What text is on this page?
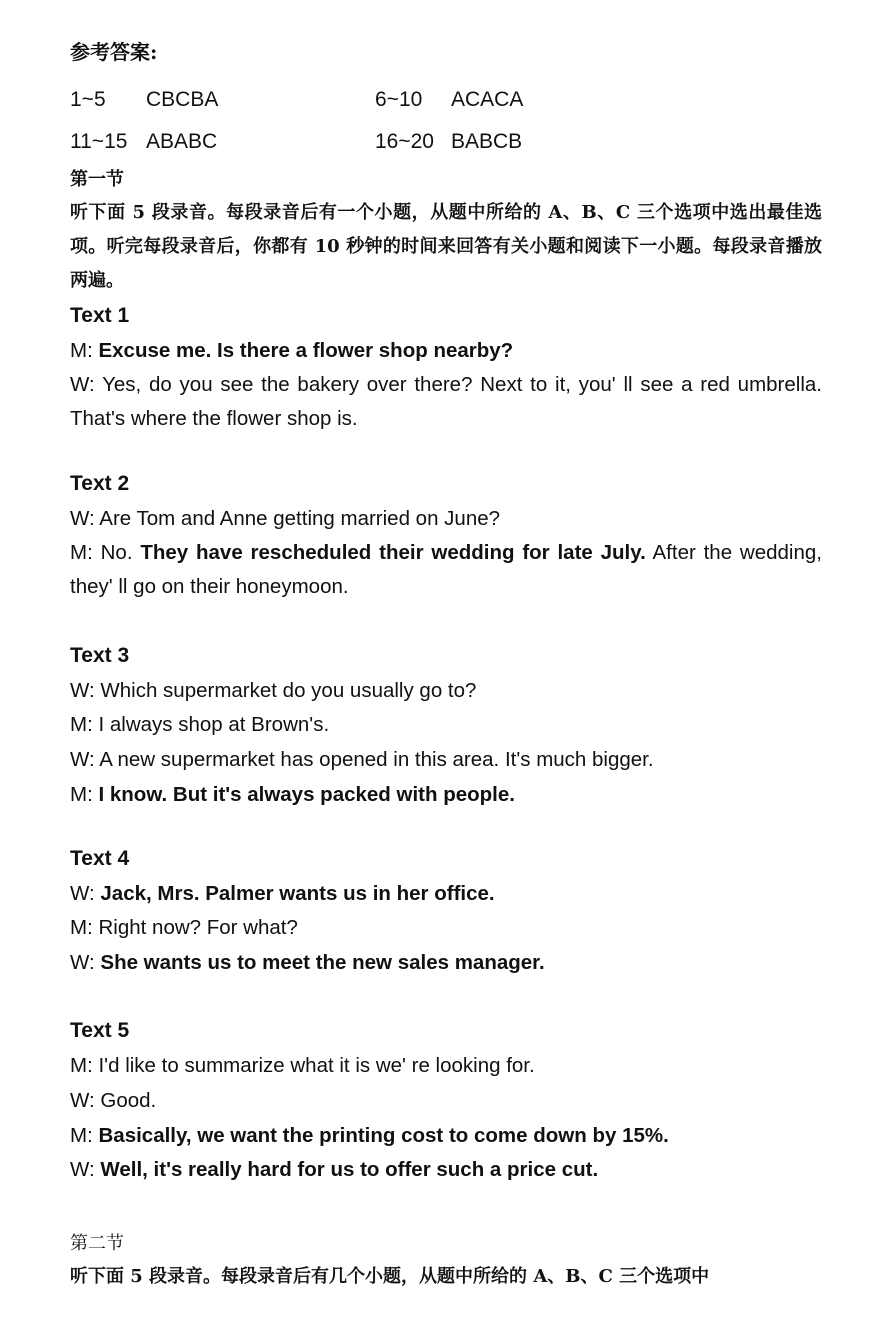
参考答案:
1~5 CBCBA	6~10 ACACA
11~15 ABABC	16~20 BABCB
第一节
听下面 5 段录音。每段录音后有一个小题，从题中所给的 A、B、C 三个选项中选出最佳选项。听完每段录音后，你都有 10 秒钟的时间来回答有关小题和阅读下一小题。每段录音播放两遍。
Text 1
M: Excuse me. Is there a flower shop nearby?
W: Yes, do you see the bakery over there? Next to it, you' ll see a red umbrella. That's where the flower shop is.
Text 2
W: Are Tom and Anne getting married on June?
M: No. They have rescheduled their wedding for late July. After the wedding, they' ll go on their honeymoon.
Text 3
W: Which supermarket do you usually go to?
M: I always shop at Brown's.
W: A new supermarket has opened in this area. It's much bigger.
M: I know. But it's always packed with people.
Text 4
W: Jack, Mrs. Palmer wants us in her office.
M: Right now? For what?
W: She wants us to meet the new sales manager.
Text 5
M: I'd like to summarize what it is we' re looking for.
W: Good.
M: Basically, we want the printing cost to come down by 15%.
W: Well, it's really hard for us to offer such a price cut.
第二节
听下面 5 段录音。每段录音后有几个小题，从题中所给的 A、B、C 三个选项中
